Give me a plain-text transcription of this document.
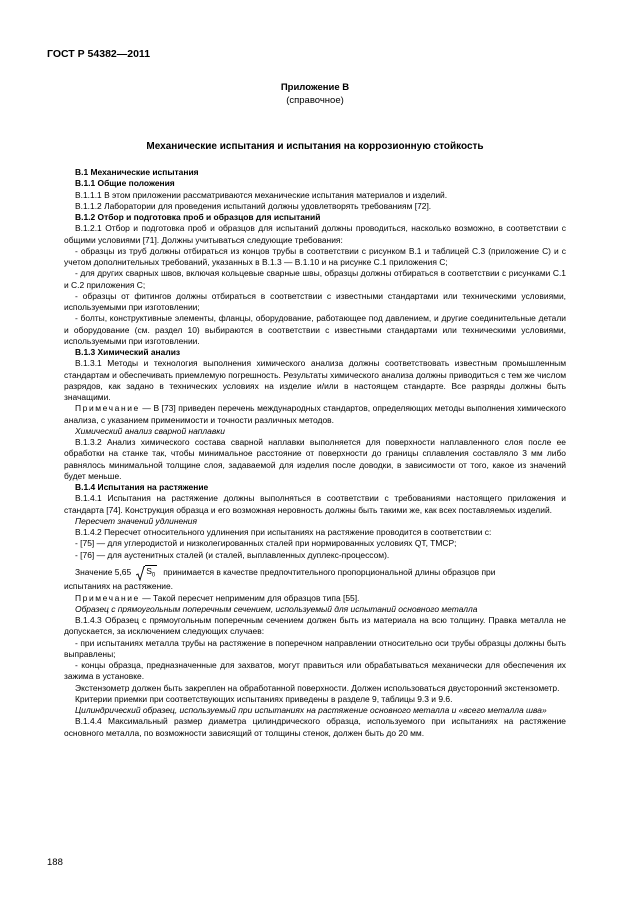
ГОСТ Р 54382—2011
Приложение В
(справочное)
Механические испытания и испытания на коррозионную стойкость

В.1 Механические испытания

В.1.1 Общие положения

В.1.1.1 В этом приложении рассматриваются механические испытания материалов и изделий.

В.1.1.2 Лаборатории для проведения испытаний должны удовлетворять требованиям [72].

В.1.2 Отбор и подготовка проб и образцов для испытаний

В.1.2.1 Отбор и подготовка проб и образцов для испытаний должны проводиться, насколько возможно, в соответствии с общими условиями [71]. Должны учитываться следующие требования:

- образцы из труб должны отбираться из концов трубы в соответствии с рисунком В.1 и таблицей С.3 (приложение С) и с учетом дополнительных требований, указанных в В.1.3 — В.1.10 и на рисунке С.1 приложения С;

- для других сварных швов, включая кольцевые сварные швы, образцы должны отбираться в соответствии с рисунками С.1 и С.2 приложения С;

- образцы от фитингов должны отбираться в соответствии с известными стандартами или техническими условиями, используемыми при изготовлении;

- болты, конструктивные элементы, фланцы, оборудование, работающее под давлением, и другие соединительные детали и оборудование (см. раздел 10) выбираются в соответствии с известными стандартами или техническими условиями, используемыми при изготовлении.

В.1.3 Химический анализ

В.1.3.1 Методы и технология выполнения химического анализа должны соответствовать известным промышленным стандартам и обеспечивать приемлемую погрешность. Результаты химического анализа должны приводиться с тем же числом разрядов, как задано в технических условиях на изделие и/или в настоящем стандарте. Все разряды должны быть значащими.

Примечание — В [73] приведен перечень международных стандартов, определяющих методы выполнения химического анализа, с указанием применимости и точности различных методов.

Химический анализ сварной наплавки

В.1.3.2 Анализ химического состава сварной наплавки выполняется для поверхности наплавленного слоя после ее обработки на станке так, чтобы минимальное расстояние от поверхности до границы сплавления составляло 3 мм либо равнялось минимальной толщине слоя, задаваемой для изделия после доводки, в зависимости от того, какое из значений будет меньше.

В.1.4 Испытания на растяжение

В.1.4.1 Испытания на растяжение должны выполняться в соответствии с требованиями настоящего приложения и стандарта [74]. Конструкция образца и его возможная неровность должны быть такими же, как всех поставляемых изделий.

Пересчет значений удлинения

В.1.4.2 Пересчет относительного удлинения при испытаниях на растяжение проводится в соответствии с:

- [75] — для углеродистой и низколегированных сталей при нормированных условиях QT, TMCP;

- [76] — для аустенитных сталей (и сталей, выплавленных дуплекс-процессом).

Значение 5,65 $S_0$ принимается в качестве предпочтительного пропорциональной длины образцов при

испытаниях на растяжение.

Примечание — Такой пересчет неприменим для образцов типа [55].

Образец с прямоугольным поперечным сечением, используемый для испытаний основного металла

В.1.4.3 Образец с прямоугольным поперечным сечением должен быть из материала на всю толщину. Правка металла не допускается, за исключением следующих случаев:

- при испытаниях металла трубы на растяжение в поперечном направлении относительно оси трубы образцы должны быть выправлены;

- концы образца, предназначенные для захватов, могут правиться или обрабатываться механически для обеспечения их зажима в установке.

Экстензометр должен быть закреплен на обработанной поверхности. Должен использоваться двусторонний экстензометр.

Критерии приемки при соответствующих испытаниях приведены в разделе 9, таблицы 9.3 и 9.6.

Цилиндрический образец, используемый при испытаниях на растяжение основного металла и «всего металла шва»

В.1.4.4 Максимальный размер диаметра цилиндрического образца, используемого при испытаниях на растяжение основного металла, по возможности зависящий от толщины стенок, должен быть до 20 мм.

188
